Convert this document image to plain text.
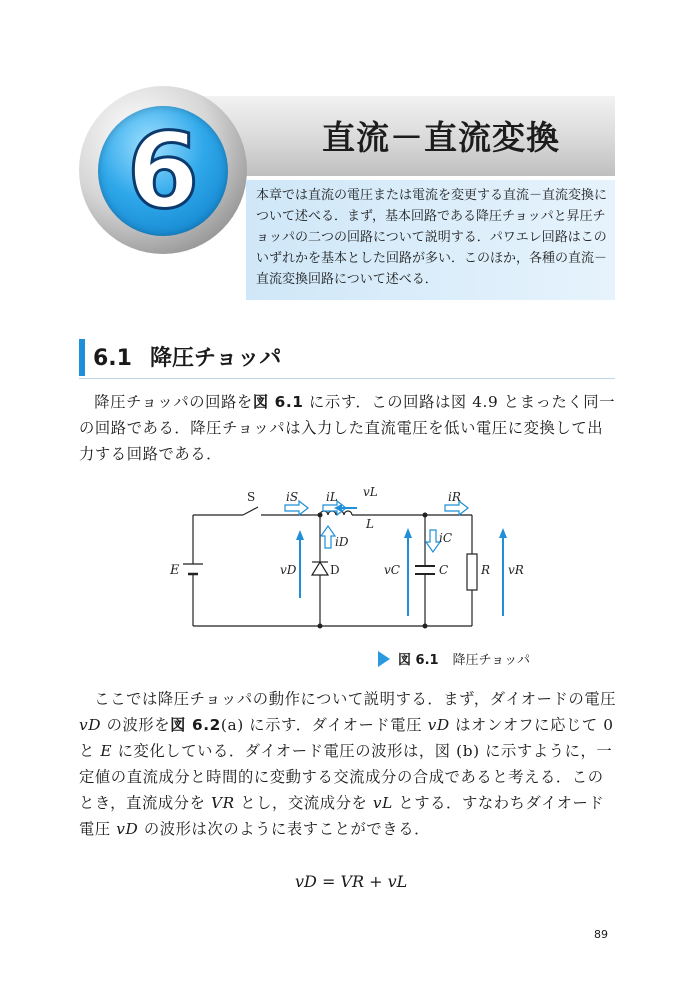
直流－直流変換
6	本章では直流の電圧または電流を変更する直流－直流変換について述べる．まず，基本回路である降圧チョッパと昇圧チョッパの二つの回路について説明する．パワエレ回路はこのいずれかを基本とした回路が多い．このほか，各種の直流－直流変換回路について述べる．
6.1 降圧チョッパ
降圧チョッパの回路を図 6.1 に示す．この回路は図 4.9 とまったく同一の回路である．降圧チョッパは入力した直流電圧を低い電圧に変換して出力する回路である．
S	iS iL vL
L
iR
iD	iC
E	vD	D	vC	C	R vR
図 6.1 降圧チョッパ
ここでは降圧チョッパの動作について説明する．まず，ダイオードの電圧 vD の波形を図 6.2(a) に示す．ダイオード電圧 vD はオンオフに応じて 0 と E に変化している．ダイオード電圧の波形は，図 (b) に示すように，一定値の直流成分と時間的に変動する交流成分の合成であると考える．このとき，直流成分を VR とし，交流成分を vL とする．すなわちダイオード電圧 vD の波形は次のように表すことができる．
vD = VR + vL
89
